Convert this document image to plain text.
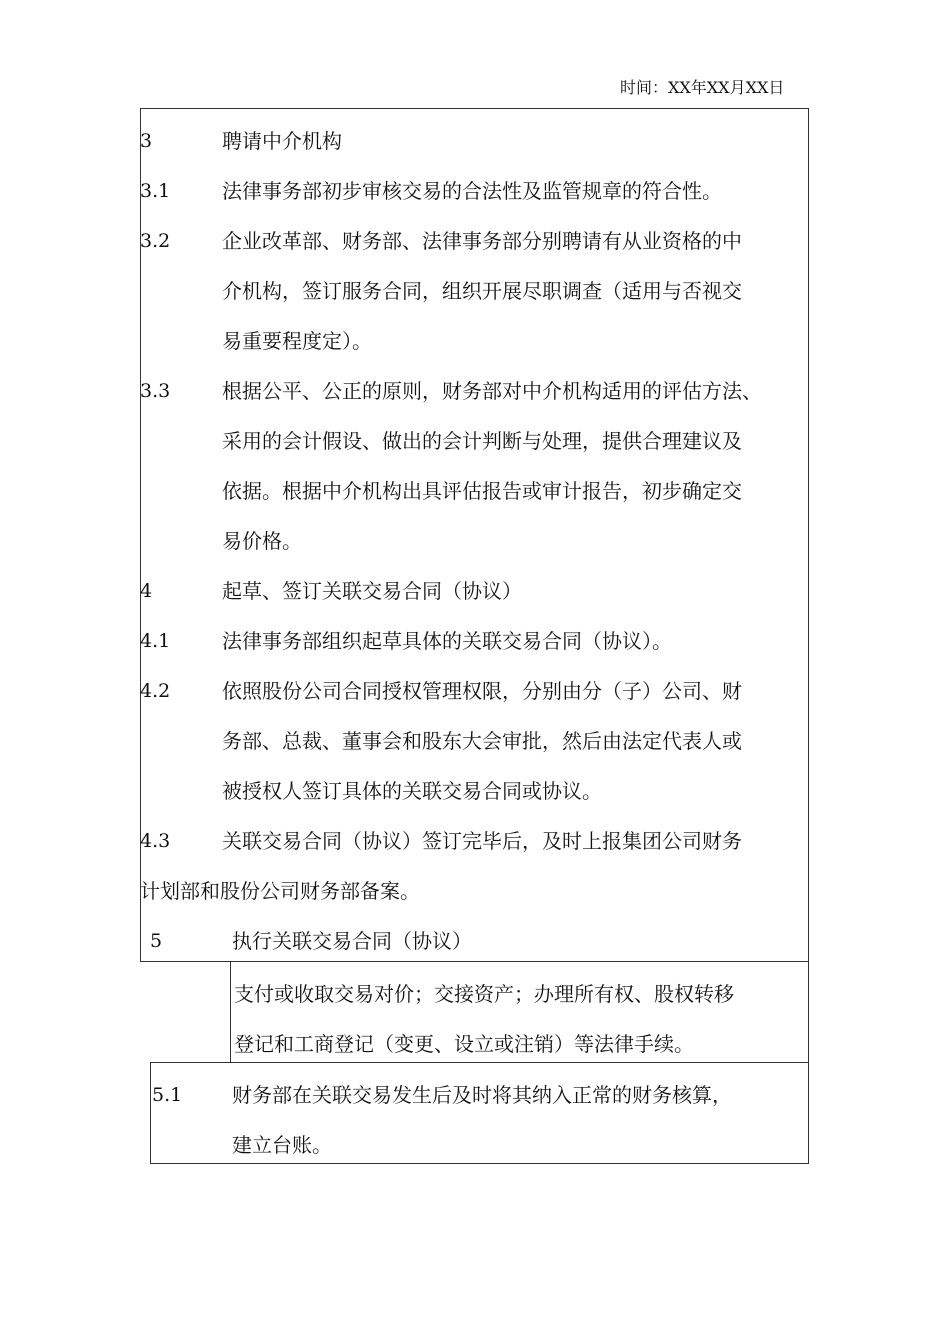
时间：XX年XX月XX日
3	聘请中介机构
3.1	法律事务部初步审核交易的合法性及监管规章的符合性。
3.2	企业改革部、财务部、法律事务部分别聘请有从业资格的中
介机构，签订服务合同，组织开展尽职调查（适用与否视交
易重要程度定）。
3.3	根据公平、公正的原则，财务部对中介机构适用的评估方法、
采用的会计假设、做出的会计判断与处理，提供合理建议及
依据。根据中介机构出具评估报告或审计报告，初步确定交
易价格。
4	起草、签订关联交易合同（协议）
4.1	法律事务部组织起草具体的关联交易合同（协议）。
4.2	依照股份公司合同授权管理权限，分别由分（子）公司、财
务部、总裁、董事会和股东大会审批，然后由法定代表人或
被授权人签订具体的关联交易合同或协议。
4.3	关联交易合同（协议）签订完毕后，及时上报集团公司财务
计划部和股份公司财务部备案。
5	执行关联交易合同（协议）
支付或收取交易对价；交接资产；办理所有权、股权转移
登记和工商登记（变更、设立或注销）等法律手续。
5.1 财务部在关联交易发生后及时将其纳入正常的财务核算，
建立台账。
